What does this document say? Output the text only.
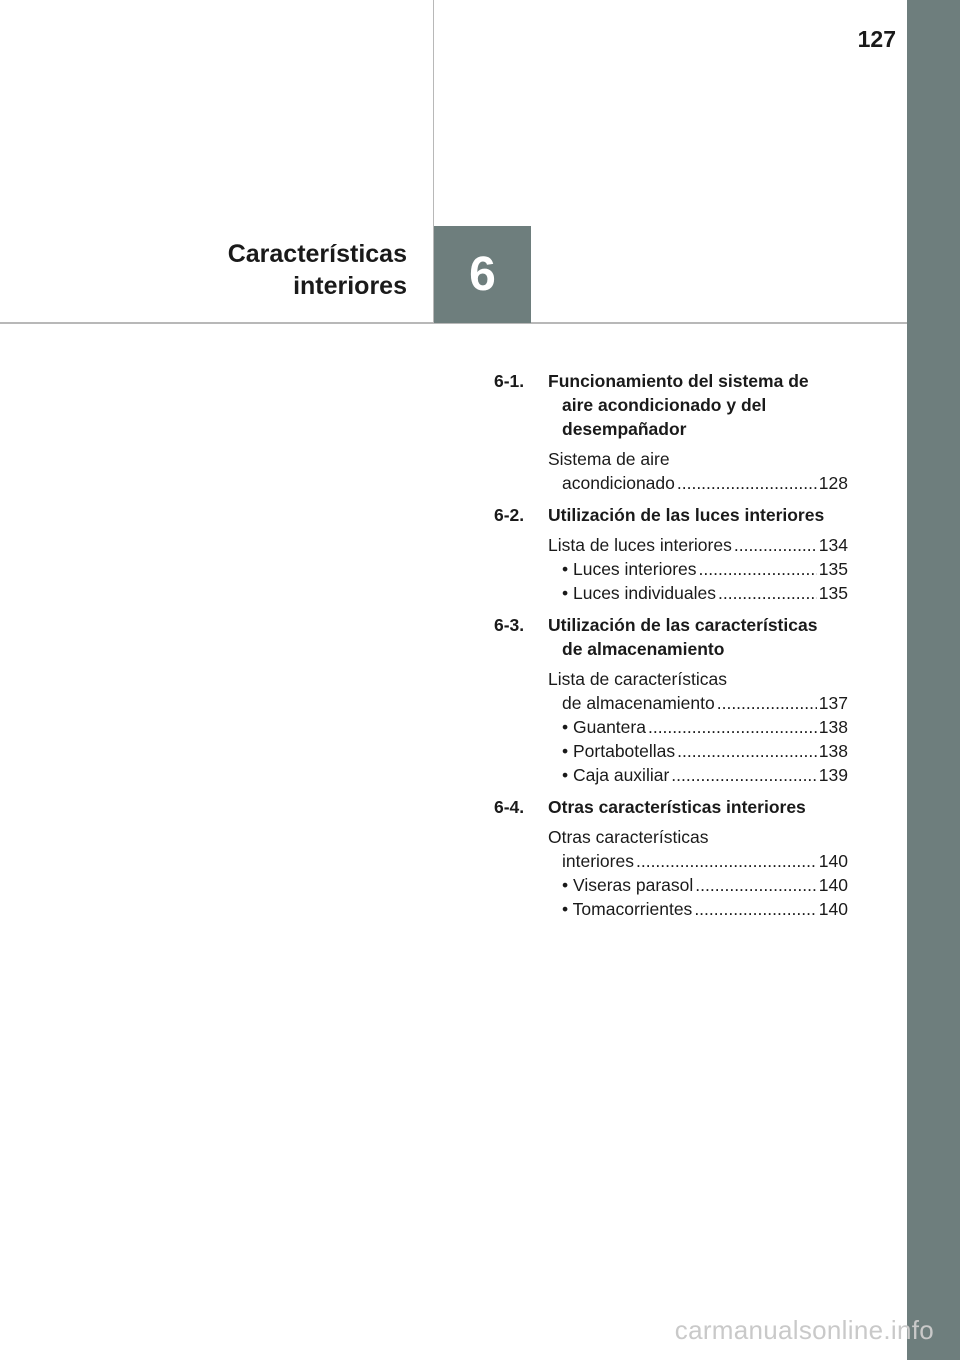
127
Características
interiores 6
6-1. Funcionamiento del sistema de
aire acondicionado y del
desempañador
Sistema de aire
acondicionado .....	128
6-2. Utilización de las luces interiores
Lista de luces interiores .....	134
• Luces interiores .....	135
• Luces individuales .....	135
6-3. Utilización de las características
de almacenamiento
Lista de características
de almacenamiento .....	137
• Guantera .....	138
• Portabotellas .....	138
• Caja auxiliar .....	139
6-4. Otras características interiores
Otras características
interiores .....	140
• Viseras parasol .....	140
• Tomacorrientes .....	140
carmanualsonline.info
